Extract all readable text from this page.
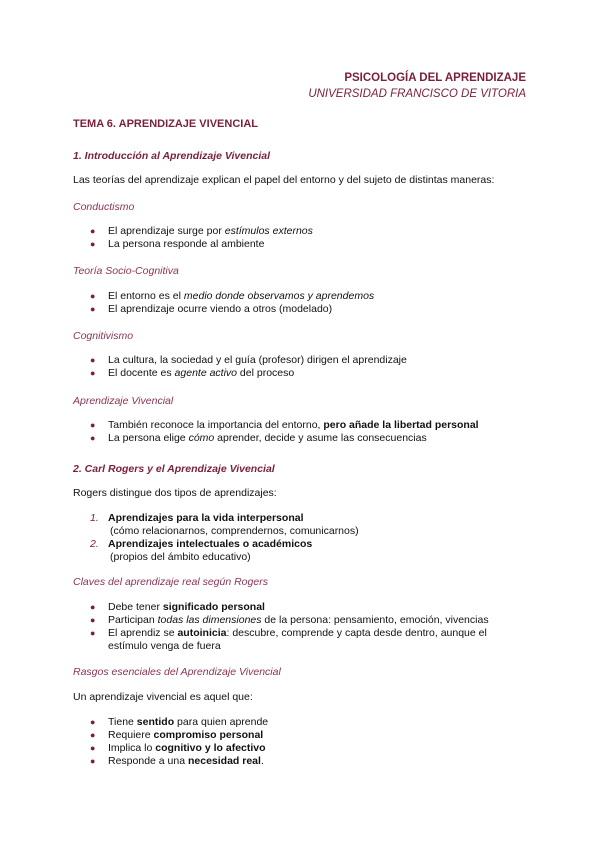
PSICOLOGÍA DEL APRENDIZAJE
UNIVERSIDAD FRANCISCO DE VITORIA
TEMA 6. APRENDIZAJE VIVENCIAL
1. Introducción al Aprendizaje Vivencial
Las teorías del aprendizaje explican el papel del entorno y del sujeto de distintas maneras:
Conductismo
● El aprendizaje surge por estímulos externos
● La persona responde al ambiente
Teoría Socio-Cognitiva
● El entorno es el medio donde observamos y aprendemos
● El aprendizaje ocurre viendo a otros (modelado)
Cognitivismo
● La cultura, la sociedad y el guía (profesor) dirigen el aprendizaje
● El docente es agente activo del proceso
Aprendizaje Vivencial
● También reconoce la importancia del entorno, pero añade la libertad personal
● La persona elige cómo aprender, decide y asume las consecuencias
2. Carl Rogers y el Aprendizaje Vivencial
Rogers distingue dos tipos de aprendizajes:
1. Aprendizajes para la vida interpersonal
(cómo relacionarnos, comprendernos, comunicarnos)
2. Aprendizajes intelectuales o académicos
(propios del ámbito educativo)
Claves del aprendizaje real según Rogers
● Debe tener significado personal
● Participan todas las dimensiones de la persona: pensamiento, emoción, vivencias
● El aprendiz se autoinicia: descubre, comprende y capta desde dentro, aunque el estímulo venga de fuera
Rasgos esenciales del Aprendizaje Vivencial
Un aprendizaje vivencial es aquel que:
● Tiene sentido para quien aprende
● Requiere compromiso personal
● Implica lo cognitivo y lo afectivo
● Responde a una necesidad real.
